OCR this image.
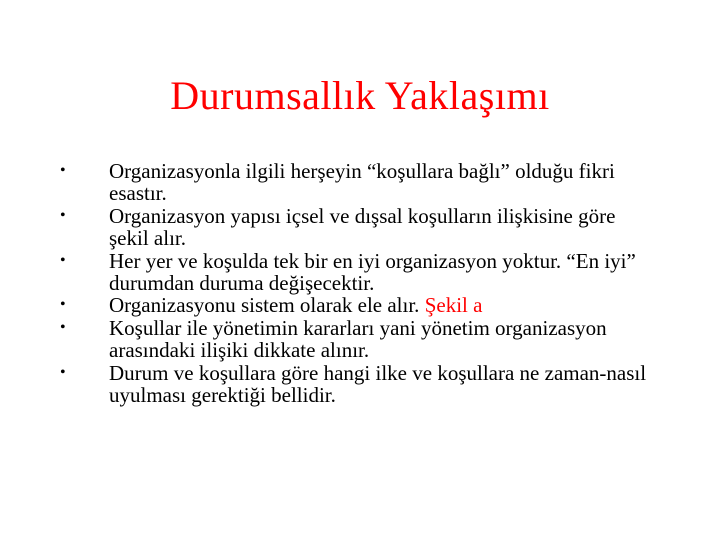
Durumsallık Yaklaşımı
•	Organizasyonla ilgili herşeyin “koşullara bağlı” olduğu fikri esastır.
•	Organizasyon yapısı içsel ve dışsal koşulların ilişkisine göre şekil alır.
•	Her yer ve koşulda tek bir en iyi organizasyon yoktur. “En iyi” durumdan duruma değişecektir.
•	Organizasyonu sistem olarak ele alır. Şekil a
•	Koşullar ile yönetimin kararları yani yönetim organizasyon arasındaki ilişiki dikkate alınır.
•	Durum ve koşullara göre hangi ilke ve koşullara ne zaman-nasıl uyulması gerektiği bellidir.
